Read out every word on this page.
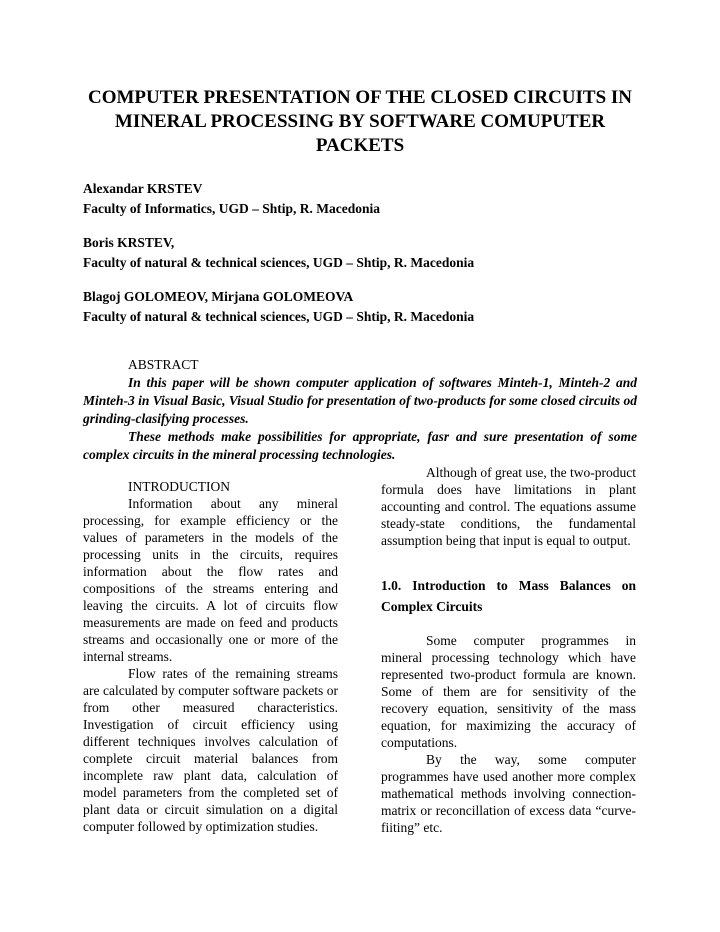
COMPUTER PRESENTATION OF THE CLOSED CIRCUITS IN MINERAL PROCESSING BY SOFTWARE COMUPUTER PACKETS
Alexandar KRSTEV
Faculty of Informatics, UGD – Shtip, R. Macedonia
Boris KRSTEV,
Faculty of natural & technical sciences, UGD – Shtip, R. Macedonia
Blagoj GOLOMEOV, Mirjana GOLOMEOVA
Faculty of natural & technical sciences, UGD – Shtip, R. Macedonia
ABSTRACT

In this paper will be shown computer application of softwares Minteh-1, Minteh-2 and Minteh-3 in Visual Basic, Visual Studio for presentation of two-products for some closed circuits od grinding-clasifying processes.

These methods make possibilities for appropriate, fasr and sure presentation of some complex circuits in the mineral processing technologies.

INTRODUCTION

Information about any mineral processing, for example efficiency or the values of parameters in the models of the processing units in the circuits, requires information about the flow rates and compositions of the streams entering and leaving the circuits. A lot of circuits flow measurements are made on feed and products streams and occasionally one or more of the internal streams.

Flow rates of the remaining streams are calculated by computer software packets or from other measured characteristics. Investigation of circuit efficiency using different techniques involves calculation of complete circuit material balances from incomplete raw plant data, calculation of model parameters from the completed set of plant data or circuit simulation on a digital computer followed by optimization studies.

Although of great use, the two-product formula does have limitations in plant accounting and control. The equations assume steady-state conditions, the fundamental assumption being that input is equal to output.

1.0. Introduction to Mass Balances on Complex Circuits

Some computer programmes in mineral processing technology which have represented two-product formula are known. Some of them are for sensitivity of the recovery equation, sensitivity of the mass equation, for maximizing the accuracy of computations.

By the way, some computer programmes have used another more complex mathematical methods involving connection-matrix or reconcillation of excess data “curve- fiiting” etc.
